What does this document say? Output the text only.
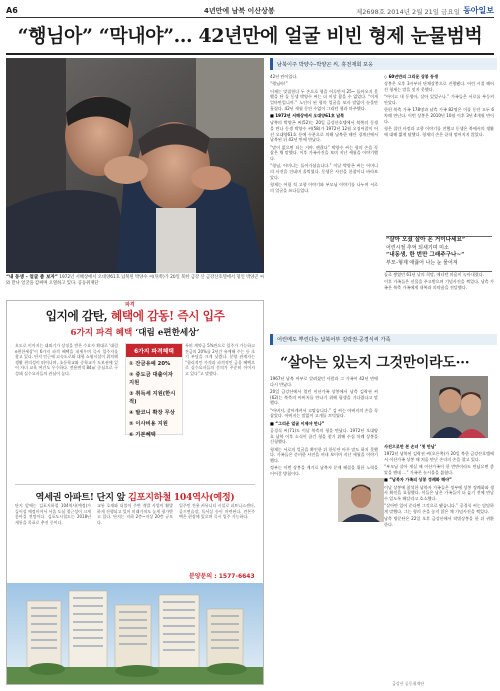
A6	4년만에 남북 이산상봉	제2698호 2014년 2월 21일 금요일 동아일보
“행님아” “막내야”… 42년만에 얼굴 비빈 형제 눈물범벅
“내 동생 – 얼굴 좀 보자” 1972년 서해상에서 오대양61호 납북된 박양수 씨(뒤쪽)가 20일 북한 금강 산 금강산호텔에서 형인 박양곤 씨와 만나 얼굴을 감싸며 오열하고 있다. 공동취재단
남북이주 박양수–박양곤 씨, 휴전재회 포옹

42년 만이었다.

“행님아!”

이제는 맞잡힌다 두 손으로 형을 어루만져 25~ 돌아오지 못했을 단 둘 동생 박양수 씨는 더 이상 참을 수 없었다. “이게 얼마만입니까.” 노인이 된 형의 얼굴을 보자 말없이 눈물만 흘렸다. 42년 세월 동안 수없이 그리던 형과 마주했다.

■ 1972년 서해상에서 오대양61호 납북

남쪽의 박양곤 씨(52)는 20일 금강산호텔에서 북쪽의 동생을 만나 동생 박양수 씨(58)가 1972년 12월 오징어잡이 어선 오대양61호 등에 수분으로 의해 남북한 해안 경계선에서 납북된 뒤 42년 만에 만났다.

“말이 없으면 되는 거야. 괜찮다” 박양수 씨는 형의 손을 꼭 잡은 채 말했다. 이후 가족사진을 보며 지난 세월을 이야기했다.

“형님, 어머니는 돌아가셨습니다.” 이날 박양곤 씨는 어머니의 사진을 건네며 울먹였다. 동생은 사진을 한참이나 바라보았다.

형제는 어릴 적 고향 이야기와 부모님 이야기를 나누며 서로의 얼굴을 쓰다듬었다.

◇ 60년만의 그리운 상봉 동생

상봉은 오후 3시부터 단체상봉으로 진행됐다. 어린 시절 헤어진 형제는 말을 잇지 못했다.

“아이고 내 동생아, 살아 있었구나.” 가족들은 서로를 부둥켜 안았다.

한편 북측 가족 178명과 남측 가족 82명은 이틀 동안 모두 6차례 만난다. 이번 상봉은 2010년 10월 이후 3년 4개월 만이다.

형은 집안 사정과 고향 이야기를 전했고 동생은 북에서의 생활에 대해 짧게 답했다. 형제의 손은 끝내 떨어지지 않았다.

“살아 오셨 살아 온 거이나세요”
어린시절 추억 되새기며 미소
“내동생, 한 번만 그래주구나~”
부모–형제 애끓어 나는 눈 물어져

돌로 쌓였던 61년 날의 희망, 애타던 마음이 녹아내렸다.

이후 가족들은 선물을 주고받으며 기념사진을 찍었다. 남측 가족은 북측 가족에게 내복과 의약품을 전달했다.

파격
입지에 감탄, 혜택에 감동! 즉시 입주
6가지 파격 혜택 ‘대림 e편한세상’
오도로 이어지는 대외기가 상징을 받은 수요자 확대로 '대림 e편한세상'이 6가지 파격 혜택을 내세우며 즉시 입주자를 찾고 있다. 단지 인근에 고속도로와 대형 쇼핑시설이 위치해 생활 편의성이 뛰어나며, 초등학교와 중학교가 도보권에 있어 자녀 교육 여건도 우수하다. 전용면적 84㎡ 중심으로 구성돼 실수요자들의 관심이 높다.
6가지 파격혜택
① 잔금유예 20%
② 중도금 대출이자 지원
③ 취득세 지원(한시적)
④ 발코니 확장 무상
⑤ 이사비용 지원
⑥ 기본혜택
특히 계약금 5%만으로 입주가 가능하고 잔금의 20%를 2년간 유예해 주는 등 초기 부담을 크게 낮췄다. 분양 관계자는 “합리적인 가격과 파격적인 금융 혜택으로 실수요자들의 문의가 꾸준히 이어지고 있다”고 말했다.
역세권 아파트! 단지 앞 김포지하철 104역사(예정)
단지 앞에는 김포지하철 104역사(예정)가 들어설 예정이어서 서울 도심 접근성이 크게 좋아질 전망이다. 김포도시철도는 2018년 개통을 목표로 추진 중이다.
교통 호재와 더불어 주변 개발 사업이 활발하게 진행되고 있어 미래가치도 높게 평가받고 있다. 단지는 지하 2층~지상 20층 규모다.
입주민 전용 커뮤니티 시설로 피트니스센터, 골프연습장, 독서실 등이 마련된다. 견본주택은 현장에 있으며 즉시 입주 가능하다.
분양문의 : 1577-6643
어린메도 뿌린다는 납북어부 김락권·공경식씨 가족
“살아는 있는지 그것만이라도···

1967년 납북 어부로 알려졌던 사람과 그 가족이 42년 만에 다시 만났다.

20일 금강산에서 열린 이산가족 상봉에서 남측 김락권 씨(62)는 북측의 아버지를 만나기 위해 평생을 기다렸다고 말했다.

“아버지, 살아계셔서 고맙습니다.” 김 씨는 아버지의 손을 꼭 잡았다. 아버지는 말없이 고개를 끄덕였다.

■ “그리운 얼굴 이제야 만나”

공경식 씨(71)도 이날 북측의 형을 만났다. 1972년 오대양호 납북 이후 소식이 끊긴 형을 찾기 위해 수십 차례 상봉을 신청했다.

형제는 서로의 얼굴을 확인한 뒤 한동안 아무 말도 하지 못했다. 가족들은 준비한 사진을 꺼내 보이며 지난 세월을 이야기했다.

정부는 이번 상봉을 계기로 납북자 문제 해결을 위한 노력을 이어갈 방침이다.

사진으로만 본 손녀 ‘첫 만남’

1972년 납북된 김락권 씨(오른쪽)가 20일 북한 금강산호텔에서 이산가족 상봉 때 처음 만난 손녀의 손을 잡고 있다.

“부모님 살아 계실 때 이산가족이 한 번만이라도 만났으면 좋았을 텐데 …” 가족은 눈시울을 붉혔다.

■ “납북자 가족의 상봉 정례화 해야”

이날 상봉에 참석한 납북자 가족들은 정부에 상봉 정례화와 생사 확인을 요청했다. 이들은 남은 가족들이 더 늦기 전에 만날 수 있도록 해달라고 호소했다.

“살아만 있어 준다면 그것으로 됐습니다.” 공경식 씨는 담담하게 말했다. 그는 형의 손을 놓지 않은 채 기념사진을 찍었다.

남측 방문단은 22일 오후 금강산에서 작별상봉을 한 뒤 귀환한다.

금강산 공동취재단
